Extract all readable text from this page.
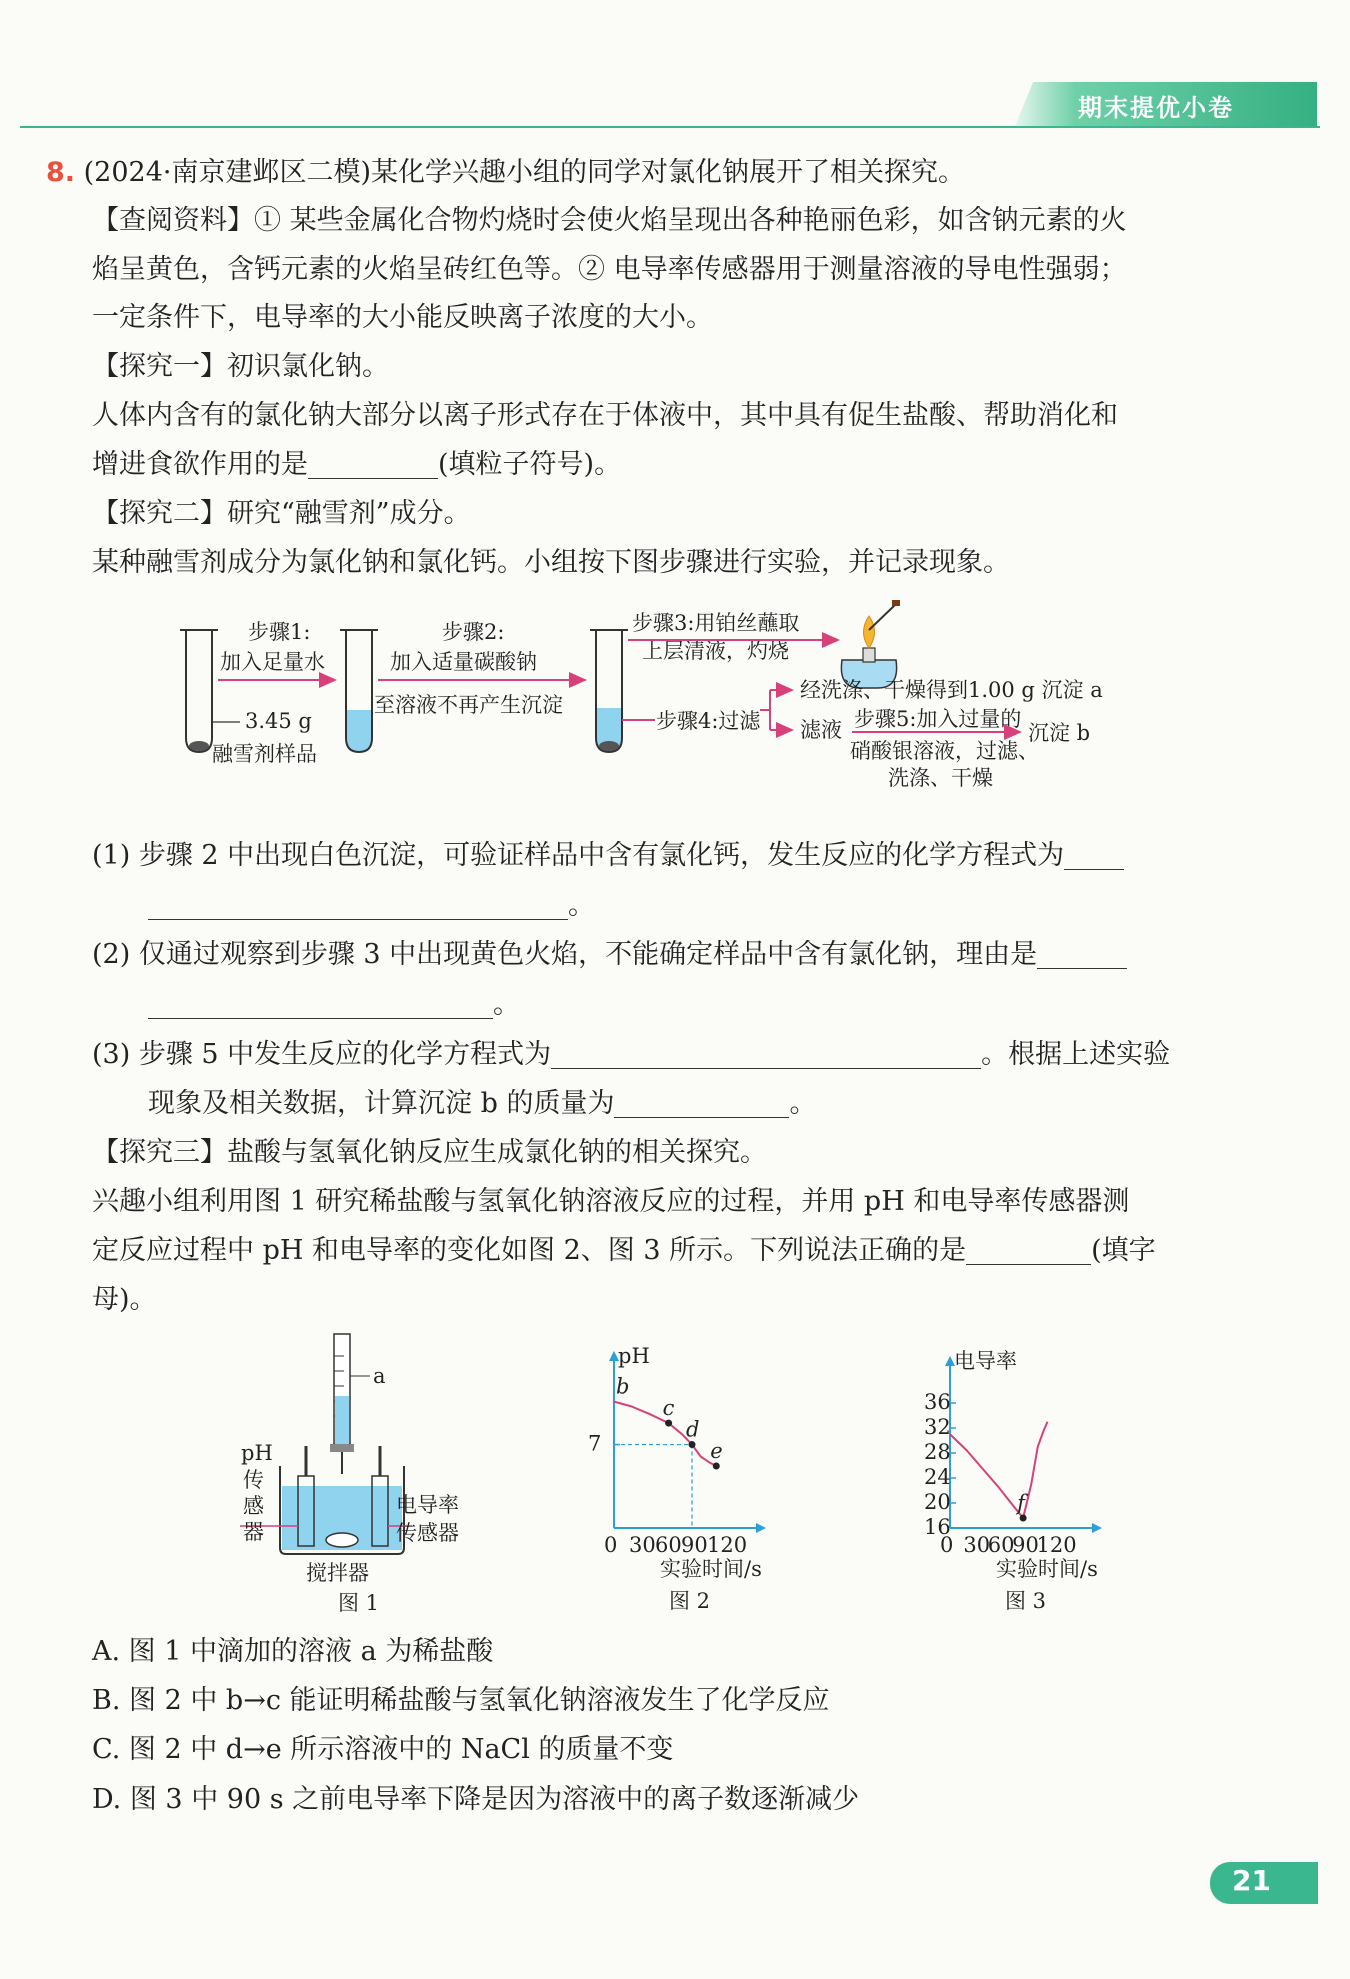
期末提优小卷
8. (2024·南京建邺区二模)某化学兴趣小组的同学对氯化钠展开了相关探究。
【查阅资料】① 某些金属化合物灼烧时会使火焰呈现出各种艳丽色彩，如含钠元素的火
焰呈黄色，含钙元素的火焰呈砖红色等。② 电导率传感器用于测量溶液的导电性强弱；
一定条件下，电导率的大小能反映离子浓度的大小。
【探究一】初识氯化钠。
人体内含有的氯化钠大部分以离子形式存在于体液中，其中具有促生盐酸、帮助消化和
增进食欲作用的是	(填粒子符号)。
【探究二】研究“融雪剂”成分。
某种融雪剂成分为氯化钠和氯化钙。小组按下图步骤进行实验，并记录现象。
3.45 g
融雪剂样品
步骤1:
加入足量水
步骤2:
加入适量碳酸钠
至溶液不再产生沉淀
步骤3:用铂丝蘸取
上层清液，灼烧
步骤4:过滤
经洗涤、干燥得到1.00 g 沉淀 a
滤液 步骤5:加入过量的
硝酸银溶液，过滤、
洗涤、干燥
沉淀 b
(1) 步骤 2 中出现白色沉淀，可验证样品中含有氯化钙，发生反应的化学方程式为
。
(2) 仅通过观察到步骤 3 中出现黄色火焰，不能确定样品中含有氯化钠，理由是
。
(3) 步骤 5 中发生反应的化学方程式为	。根据上述实验
现象及相关数据，计算沉淀 b 的质量为	。
【探究三】盐酸与氢氧化钠反应生成氯化钠的相关探究。
兴趣小组利用图 1 研究稀盐酸与氢氧化钠溶液反应的过程，并用 pH 和电导率传感器测
定反应过程中 pH 和电导率的变化如图 2、图 3 所示。下列说法正确的是	(填字
母)。
a
pH
传
感
器
电导率
传感器
搅拌器
图 1
pH
0 30 60 90 120
实验时间/s
7
b
c
d
e
图 2
电导率
0 30
60
90
120
实验时间/s
16
20
24
28
32
36
f
图 3
A. 图 1 中滴加的溶液 a 为稀盐酸
B. 图 2 中 b→c 能证明稀盐酸与氢氧化钠溶液发生了化学反应
C. 图 2 中 d→e 所示溶液中的 NaCl 的质量不变
D. 图 3 中 90 s 之前电导率下降是因为溶液中的离子数逐渐减少
21
